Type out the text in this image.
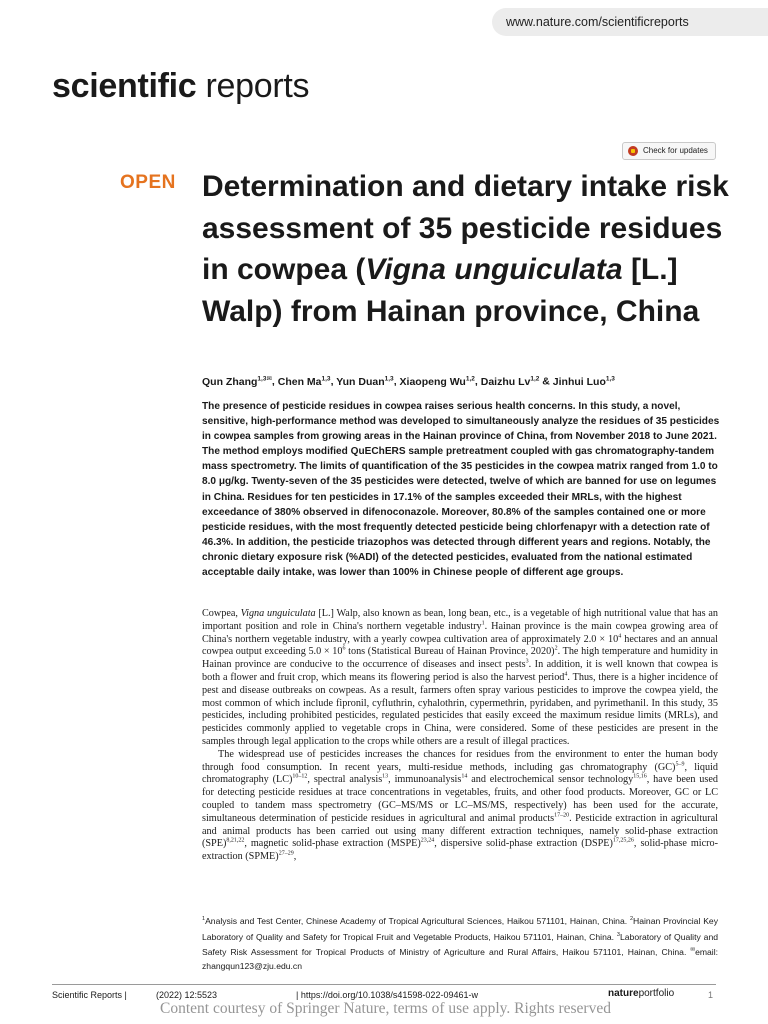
www.nature.com/scientificreports
scientific reports
Check for updates
OPEN Determination and dietary intake risk assessment of 35 pesticide residues in cowpea (Vigna unguiculata [L.] Walp) from Hainan province, China
Qun Zhang$^{1,3✉}$, Chen Ma$^{1,3}$, Yun Duan$^{1,3}$, Xiaopeng Wu$^{1,2}$, Daizhu Lv$^{1,2}$ & Jinhui Luo$^{1,3}$
The presence of pesticide residues in cowpea raises serious health concerns. In this study, a novel, sensitive, high-performance method was developed to simultaneously analyze the residues of 35 pesticides in cowpea samples from growing areas in the Hainan province of China, from November 2018 to June 2021. The method employs modified QuEChERS sample pretreatment coupled with gas chromatography-tandem mass spectrometry. The limits of quantification of the 35 pesticides in the cowpea matrix ranged from 1.0 to 8.0 μg/kg. Twenty-seven of the 35 pesticides were detected, twelve of which are banned for use on legumes in China. Residues for ten pesticides in 17.1% of the samples exceeded their MRLs, with the highest exceedance of 380% observed in difenoconazole. Moreover, 80.8% of the samples contained one or more pesticide residues, with the most frequently detected pesticide being chlorfenapyr with a detection rate of 46.3%. In addition, the pesticide triazophos was detected through different years and regions. Notably, the chronic dietary exposure risk (%ADI) of the detected pesticides, evaluated from the national estimated acceptable daily intake, was lower than 100% in Chinese people of different age groups.

Cowpea, Vigna unguiculata [L.] Walp, also known as bean, long bean, etc., is a vegetable of high nutritional value that has an important position and role in China's northern vegetable industry$^1$. Hainan province is the main cowpea growing area of China's northern vegetable industry, with a yearly cowpea cultivation area of approximately $2.0 \times 10^4$ hectares and an annual cowpea output exceeding $5.0 \times 10^6$ tons (Statistical Bureau of Hainan Province, 2020)$^2$. The high temperature and humidity in Hainan province are conducive to the occurrence of diseases and insect pests$^3$. In addition, it is well known that cowpea is both a flower and fruit crop, which means its flowering period is also the harvest period$^4$. Thus, there is a higher incidence of pest and disease outbreaks on cowpeas. As a result, farmers often spray various pesticides to improve the cowpea yield, the most common of which include fipronil, cyfluthrin, cyhalothrin, cypermethrin, pyridaben, and pyrimethanil. In this study, 35 pesticides, including prohibited pesticides, regulated pesticides that easily exceed the maximum residue limits (MRLs), and pesticides commonly applied to vegetable crops in China, were considered. Some of these pesticides are present in the samples through legal application to the crops while others are a result of illegal practices.

The widespread use of pesticides increases the chances for residues from the environment to enter the human body through food consumption. In recent years, multi-residue methods, including gas chromatography (GC)$^{5-9}$, liquid chromatography (LC)$^{10-12}$, spectral analysis$^{13}$, immunoanalysis$^{14}$ and electrochemical sensor technology$^{15,16}$, have been used for detecting pesticide residues at trace concentrations in vegetables, fruits, and other food products. Moreover, GC or LC coupled to tandem mass spectrometry (GC–MS/MS or LC–MS/MS, respectively) has been used for the accurate, simultaneous determination of pesticide residues in agricultural and animal products$^{17-20}$. Pesticide extraction in agricultural and animal products has been carried out using many different extraction techniques, namely solid-phase extraction (SPE)$^{8,21,22}$, magnetic solid-phase extraction (MSPE)$^{23,24}$, dispersive solid-phase extraction (DSPE)$^{17,25,26}$, solid-phase micro-extraction (SPME)$^{27-29}$,

$^1$Analysis and Test Center, Chinese Academy of Tropical Agricultural Sciences, Haikou 571101, Hainan, China. $^2$Hainan Provincial Key Laboratory of Quality and Safety for Tropical Fruit and Vegetable Products, Haikou 571101, Hainan, China. $^3$Laboratory of Quality and Safety Risk Assessment for Tropical Products of Ministry of Agriculture and Rural Affairs, Haikou 571101, Hainan, China. ✉email: zhangqun123@zju.edu.cn
Scientific Reports |	(2022) 12:5523	| https://doi.org/10.1038/s41598-022-09461-w	natureportfolio	1
Content courtesy of Springer Nature, terms of use apply. Rights reserved
